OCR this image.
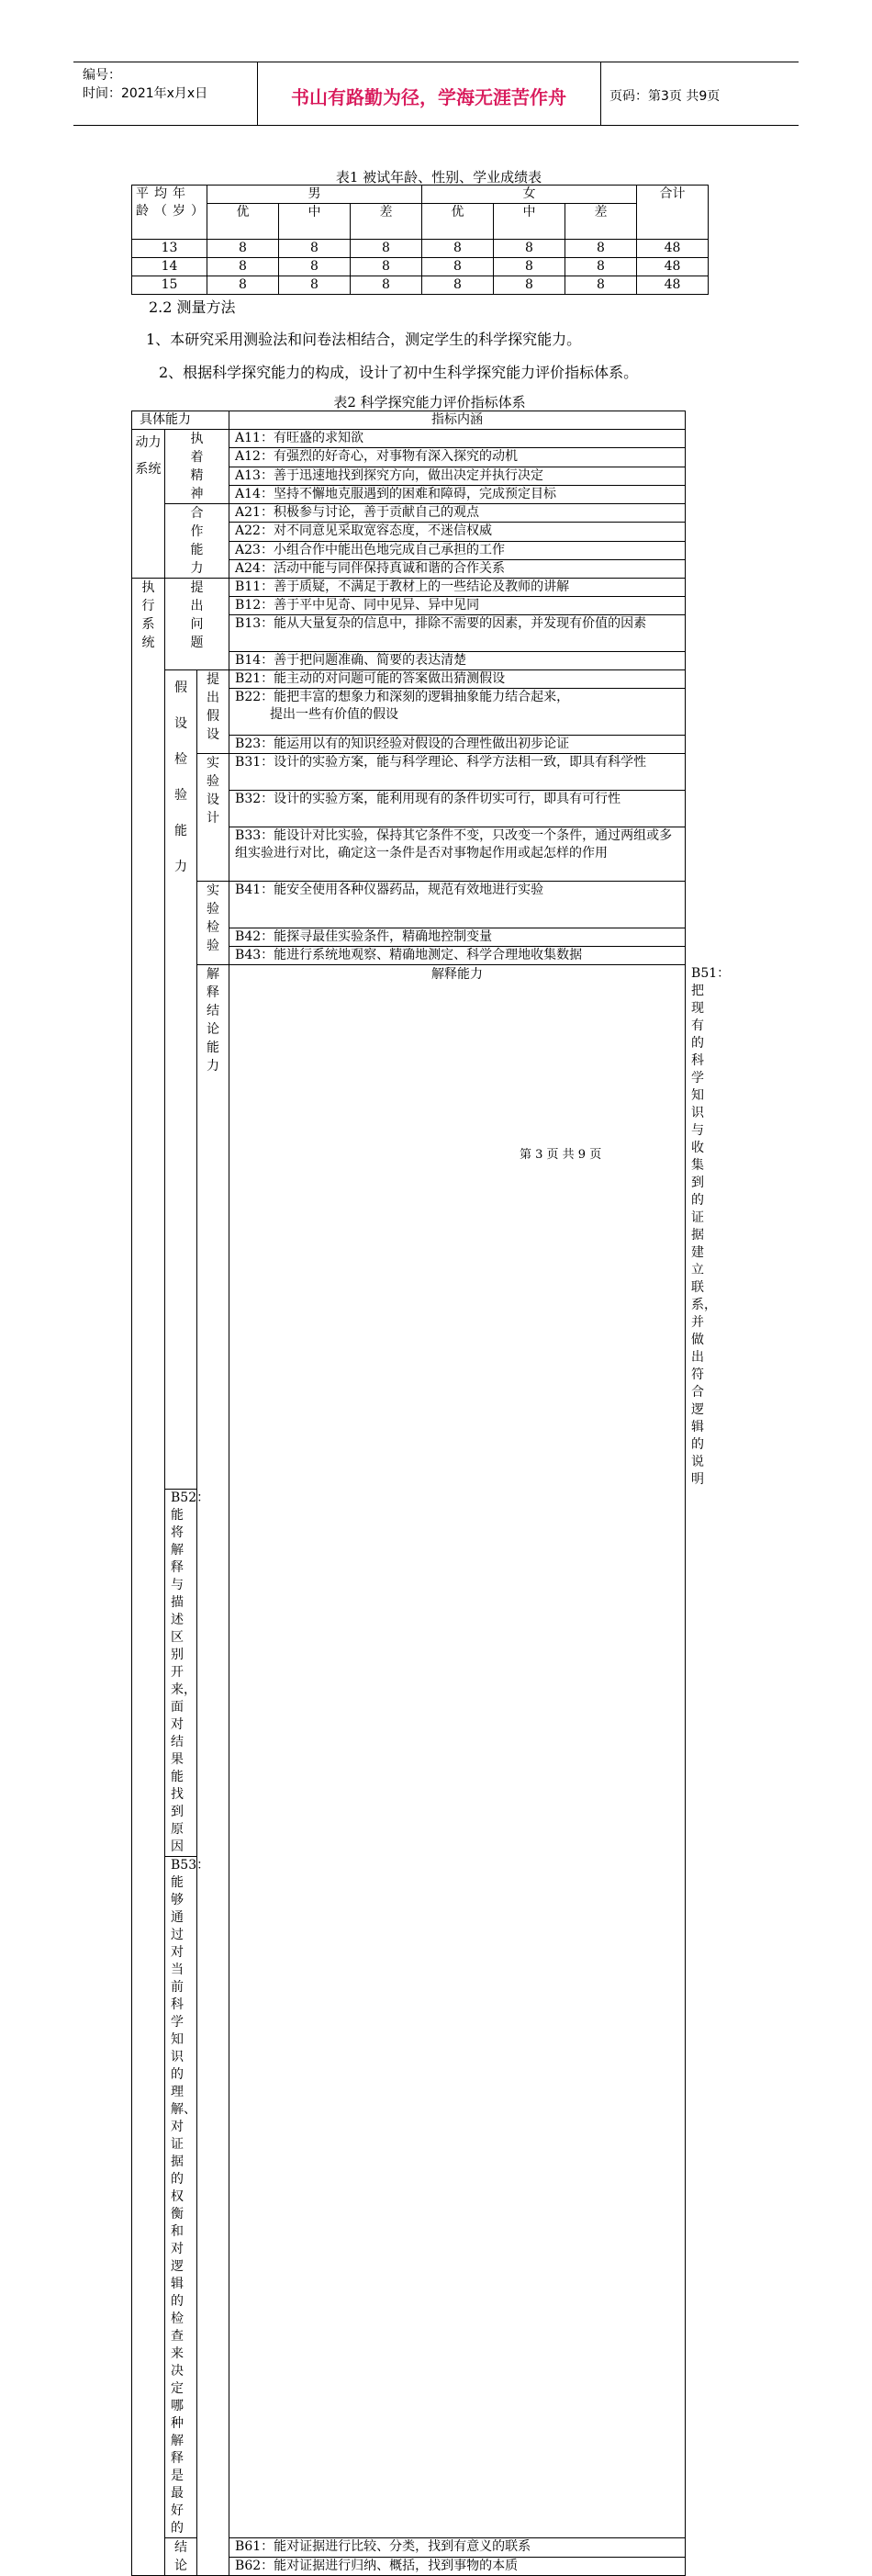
编号：
时间：2021年x月x日	书山有路勤为径，学海无涯苦作舟	页码：第3页 共9页
表1 被试年龄、性别、学业成绩表
平均年龄（岁）	男			女			合计
	优	中	差	优	中	差	
13	8	8	8	8	8	8	48
14	8	8	8	8	8	8	48
15	8	8	8	8	8	8	48
2.2 测量方法
1、本研究采用测验法和问卷法相结合，测定学生的科学探究能力。
2、根据科学探究能力的构成，设计了初中生科学探究能力评价指标体系。
表2 科学探究能力评价指标体系
具体能力			指标内涵	
动力系统	执着精神		A11：有旺盛的求知欲	
			A12：有强烈的好奇心，对事物有深入探究的动机	
			A13：善于迅速地找到探究方向，做出决定并执行决定	
			A14：坚持不懈地克服遇到的困难和障碍，完成预定目标	
	合作能力		A21：积极参与讨论，善于贡献自己的观点	
			A22：对不同意见采取宽容态度，不迷信权威	
			A23：小组合作中能出色地完成自己承担的工作	
			A24：活动中能与同伴保持真诚和谐的合作关系	

执行系统	提出问题		B11：善于质疑，不满足于教材上的一些结论及教师的讲解	
			B12：善于平中见奇、同中见异、异中见同	
			B13：能从大量复杂的信息中，排除不需要的因素，并发现有价值的因素	
			B14：善于把问题准确、简要的表达清楚	
	假设检验能力	提出假设	B21：能主动的对问题可能的答案做出猜测假设	

			B22：能把丰富的想象力和深刻的逻辑抽象能力结合起来，
提出一些有价值的假设	

			B23：能运用以有的知识经验对假设的合理性做出初步论证	
		实验设计	B31：设计的实验方案，能与科学理论、科学方法相一致，即具有科学性	
			B32：设计的实验方案，能利用现有的条件切实可行，即具有可行性	
			B33：能设计对比实验，保持其它条件不变，只改变一个条件，通过两组或多组实验进行对比，确定这一条件是否对事物起作用或起怎样的作用	
		实验检验	B41：能安全使用各种仪器药品，规范有效地进行实验	
			B42：能探寻最佳实验条件，精确地控制变量	
			B43：能进行系统地观察、精确地测定、科学合理地收集数据	
		解释结论能力	解释能力	B51：把现有的科学知识与收集到的证据建立联系，并做出符合逻辑的说明
	B52：能将解释与描述区别开来，面对结果能找到原因			
	B53：能够通过对当前科学知识的理解、对证据的权衡和对逻辑的检查来决定哪种解释是最好的			
	结论		B61：能对证据进行比较、分类，找到有意义的联系	
			B62：能对证据进行归纳、概括，找到事物的本质	
第 3 页 共 9 页
